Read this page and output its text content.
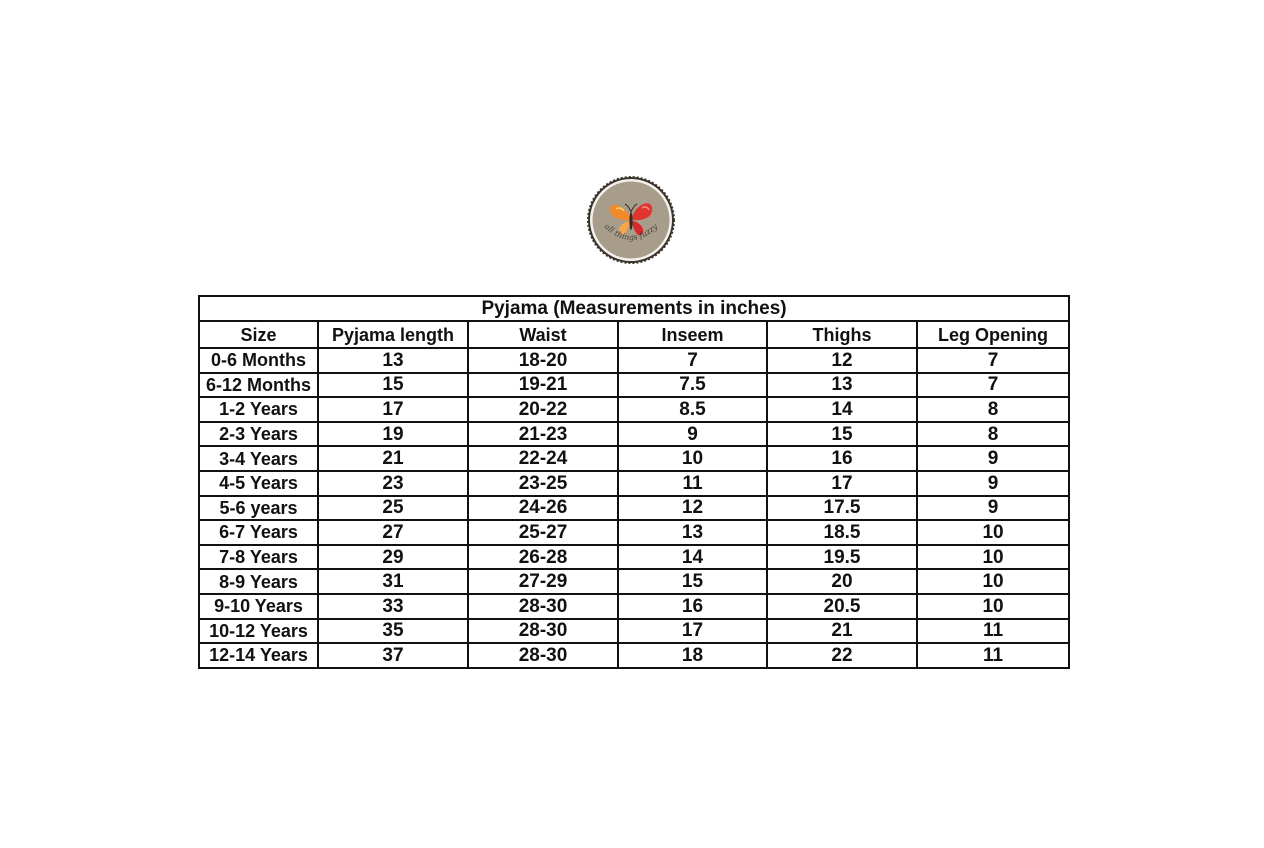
all things fuzzy
Pyjama (Measurements in inches)					
Size	Pyjama length	Waist	Inseem	Thighs	Leg Opening
0-6 Months	13	18-20	7	12	7
6-12 Months	15	19-21	7.5	13	7
1-2 Years	17	20-22	8.5	14	8
2-3 Years	19	21-23	9	15	8
3-4 Years	21	22-24	10	16	9
4-5 Years	23	23-25	11	17	9
5-6 years	25	24-26	12	17.5	9
6-7 Years	27	25-27	13	18.5	10
7-8 Years	29	26-28	14	19.5	10
8-9 Years	31	27-29	15	20	10
9-10 Years	33	28-30	16	20.5	10
10-12 Years	35	28-30	17	21	11
12-14 Years	37	28-30	18	22	11
